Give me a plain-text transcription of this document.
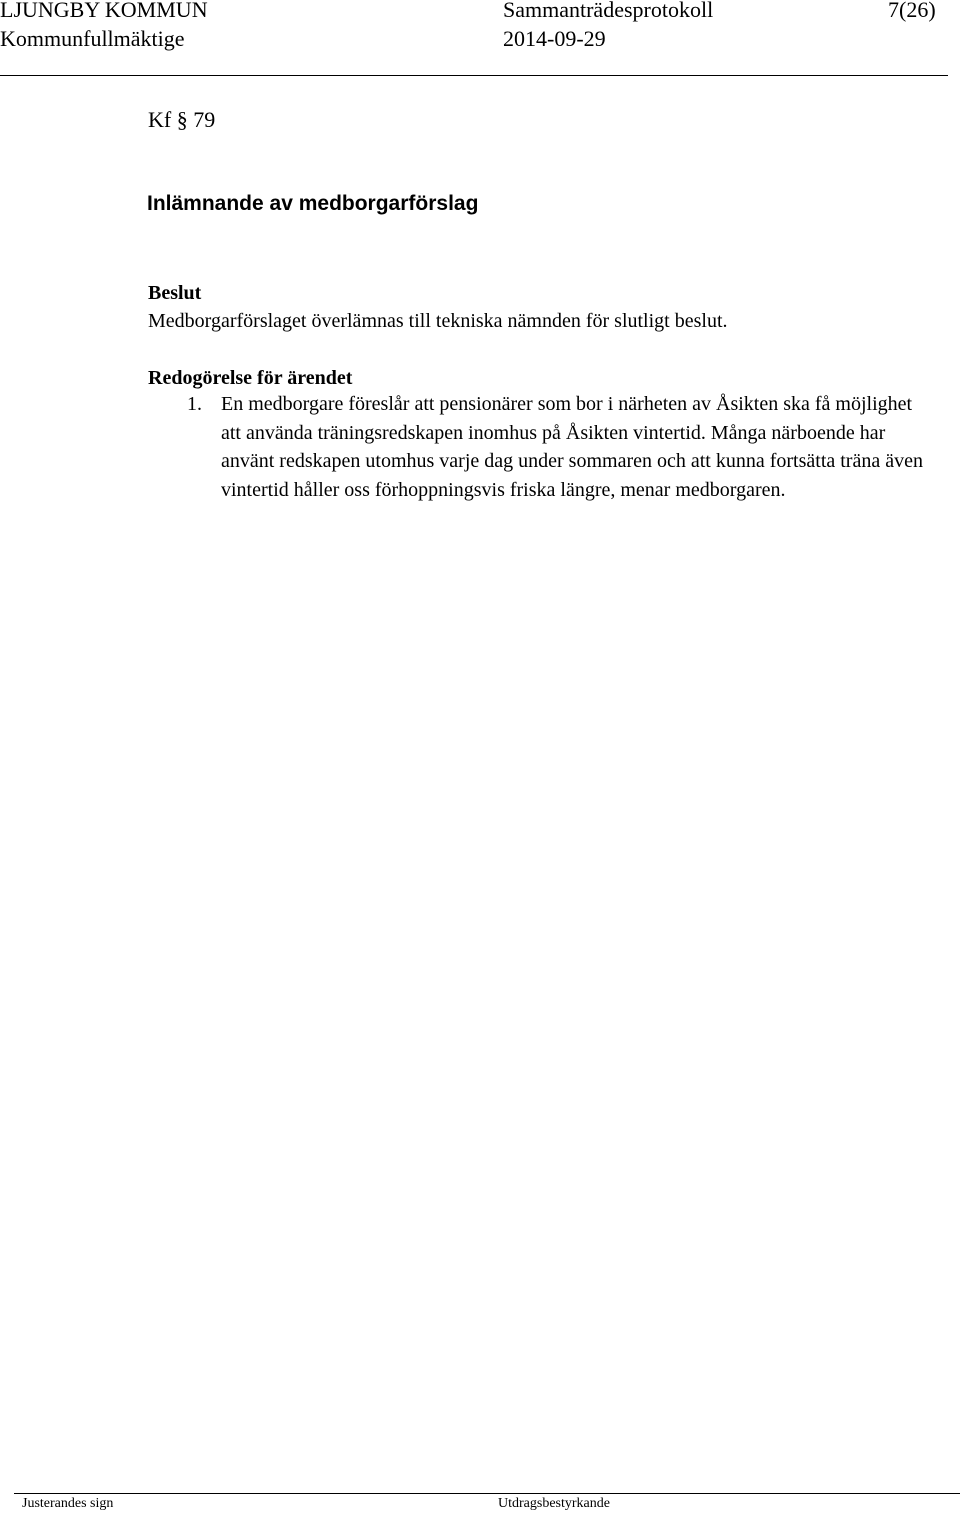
LJUNGBY KOMMUN
Kommunfullmäktige
Sammanträdesprotokoll
2014-09-29
7(26)
Kf § 79
Inlämnande av medborgarförslag
Beslut
Medborgarförslaget överlämnas till tekniska nämnden för slutligt beslut.
Redogörelse för ärendet
1. En medborgare föreslår att pensionärer som bor i närheten av Åsikten ska få möjlighet att använda träningsredskapen inomhus på Åsikten vintertid. Många närboende har använt redskapen utomhus varje dag under sommaren och att kunna fortsätta träna även vintertid håller oss förhoppningsvis friska längre, menar medborgaren.
Justerandes sign	Utdragsbestyrkande
